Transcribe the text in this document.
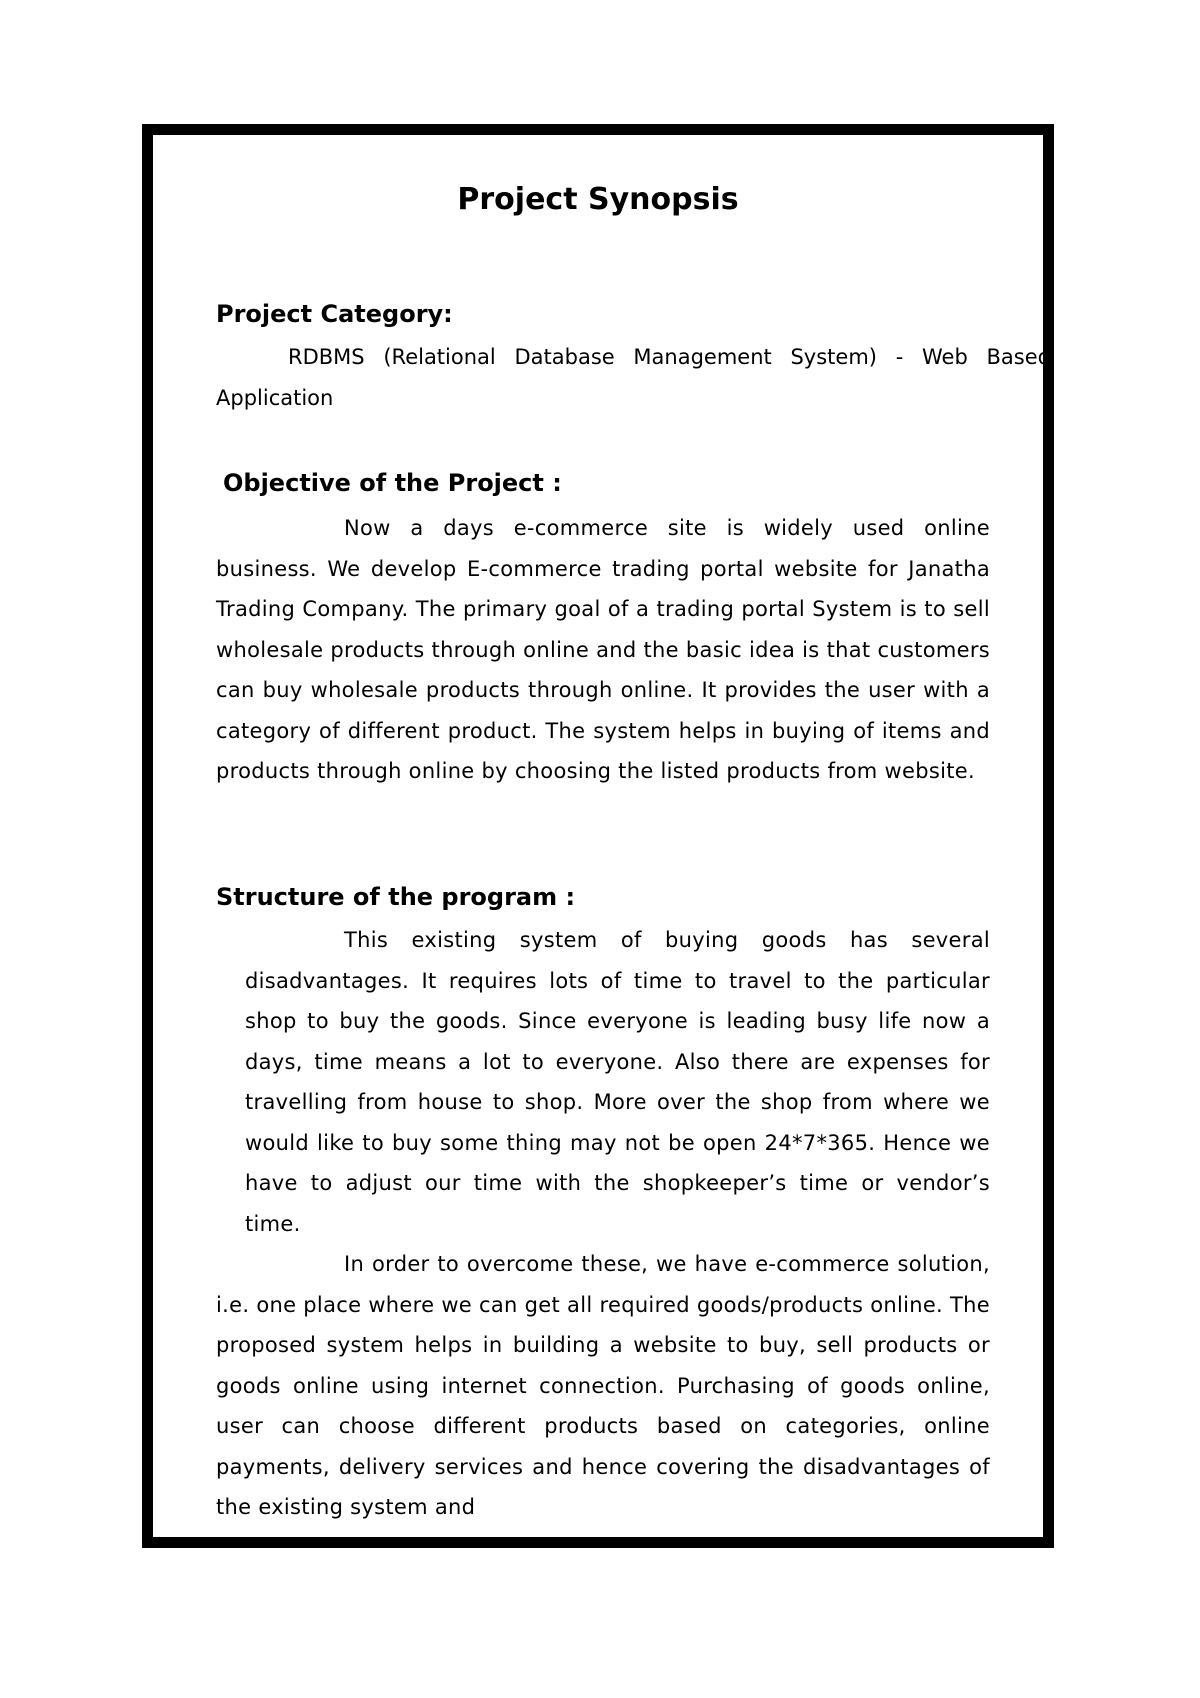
Project Synopsis
Project Category:

RDBMS (Relational Database Management System) - Web Based Application

Objective of the Project :

Now a days e-commerce site is widely used online business. We develop E-commerce trading portal website for Janatha Trading Company. The primary goal of a trading portal System is to sell wholesale products through online and the basic idea is that customers can buy wholesale products through online. It provides the user with a category of different product. The system helps in buying of items and products through online by choosing the listed products from website.

Structure of the program :

This existing system of buying goods has several disadvantages. It requires lots of time to travel to the particular shop to buy the goods. Since everyone is leading busy life now a days, time means a lot to everyone. Also there are expenses for travelling from house to shop. More over the shop from where we would like to buy some thing may not be open 24*7*365. Hence we have to adjust our time with the shopkeeper’s time or vendor’s time.

In order to overcome these, we have e-commerce solution, i.e. one place where we can get all required goods/products online. The proposed system helps in building a website to buy, sell products or goods online using internet connection. Purchasing of goods online, user can choose different products based on categories, online payments, delivery services and hence covering the disadvantages of the existing system and
